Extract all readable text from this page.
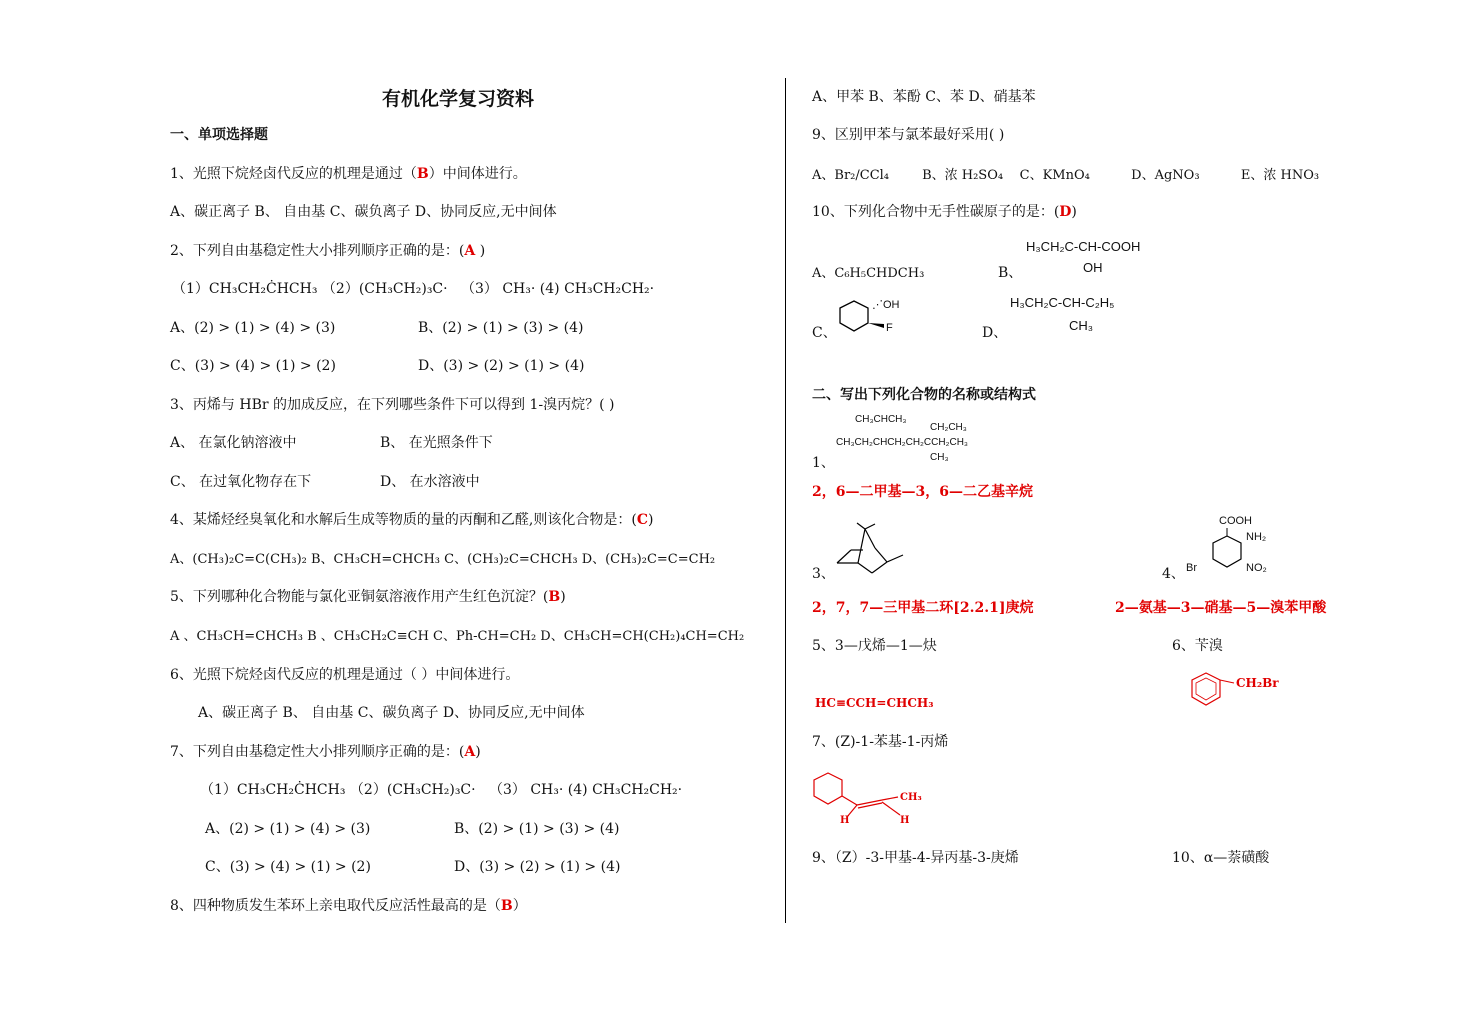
有机化学复习资料
一、单项选择题
1、光照下烷烃卤代反应的机理是通过（B）中间体进行。
A、碳正离子 B、 自由基 C、碳负离子 D、协同反应,无中间体
2、下列自由基稳定性大小排列顺序正确的是：(A )
（1）CH₃CH₂ĊHCH₃ （2）(CH₃CH₂)₃C· （3） CH₃· (4) CH₃CH₂CH₂·
A、(2) > (1) > (4) > (3)	B、(2) > (1) > (3) > (4)
C、(3) > (4) > (1) > (2)	D、(3) > (2) > (1) > (4)
3、丙烯与 HBr 的加成反应，在下列哪些条件下可以得到 1-溴丙烷？( )
A、 在氯化钠溶液中	B、 在光照条件下
C、 在过氧化物存在下	D、 在水溶液中
4、某烯烃经臭氧化和水解后生成等物质的量的丙酮和乙醛,则该化合物是：(C)
A、(CH₃)₂C=C(CH₃)₂ B、CH₃CH=CHCH₃ C、(CH₃)₂C=CHCH₃ D、(CH₃)₂C=C=CH₂
5、下列哪种化合物能与氯化亚铜氨溶液作用产生红色沉淀？(B)
A 、CH₃CH=CHCH₃ B 、CH₃CH₂C≡CH C、Ph-CH=CH₂ D、CH₃CH=CH(CH₂)₄CH=CH₂
6、光照下烷烃卤代反应的机理是通过（ ）中间体进行。
A、碳正离子 B、 自由基 C、碳负离子 D、协同反应,无中间体
7、下列自由基稳定性大小排列顺序正确的是：(A)
（1）CH₃CH₂ĊHCH₃ （2）(CH₃CH₂)₃C· （3） CH₃· (4) CH₃CH₂CH₂·
A、(2) > (1) > (4) > (3)	B、(2) > (1) > (3) > (4)
C、(3) > (4) > (1) > (2)	D、(3) > (2) > (1) > (4)
8、四种物质发生苯环上亲电取代反应活性最高的是（B）
A、甲苯 B、苯酚 C、苯 D、硝基苯
9、区别甲苯与氯苯最好采用( )
A、Br₂/CCl₄	B、浓 H₂SO₄ C、KMnO₄	D、AgNO₃	E、浓 HNO₃
10、下列化合物中无手性碳原子的是：(D)
A、C₆H₅CHDCH₃	B、
H₃CH₂C-CH-COOH
OH
C、
⋰OH
F	D、
H₃CH₂C-CH-C₂H₅
CH₃
二、写出下列化合物的名称或结构式
CH₃CHCH₃
CH₂CH₃
CH₃CH₂CHCH₂CH₂CCH₂CH₃
CH₃
1、
2，6—二甲基—3，6—二乙基辛烷
3、
2，7，7—三甲基二环[2.2.1]庚烷
4、
COOH
NH₂
NO₂
Br
2—氨基—3—硝基—5—溴苯甲酸
5、3—戊烯—1—炔
HC≡CCH=CHCH₃
6、苄溴
CH₂Br
7、(Z)-1-苯基-1-丙烯
CH₃
H	H
9、（Z）-3-甲基-4-异丙基-3-庚烯	10、α—萘磺酸
